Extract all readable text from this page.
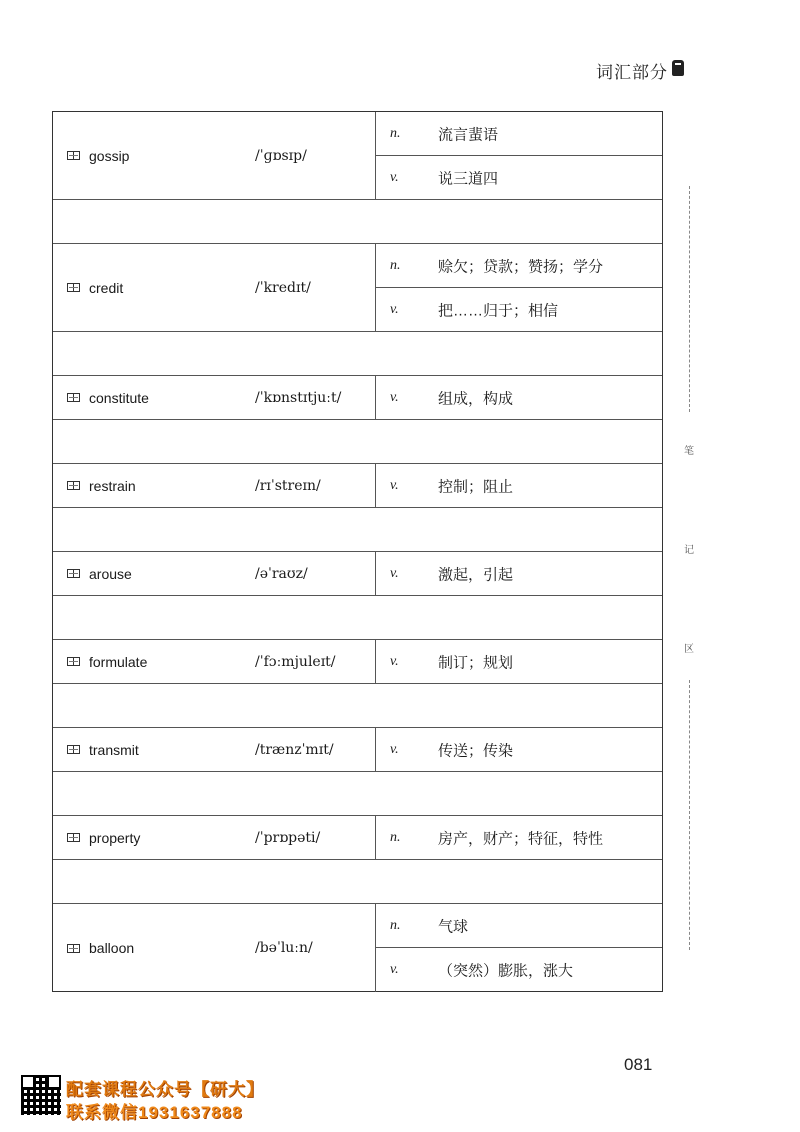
词汇部分
gossip	/ˈɡɒsɪp/
n.	流言蜚语
v.	说三道四
credit	/ˈkredɪt/
n.	赊欠；贷款；赞扬；学分
v.	把……归于；相信
constitute	/ˈkɒnstɪtjuːt/	v.	组成，构成
restrain	/rɪˈstreɪn/	v.	控制；阻止
arouse	/əˈraʊz/	v.	激起，引起
formulate	/ˈfɔːmjuleɪt/	v.	制订；规划
transmit	/trænzˈmɪt/	v.	传送；传染
property	/ˈprɒpəti/	n.	房产，财产；特征，特性
balloon	/bəˈluːn/
n.	气球
v.	（突然）膨胀，涨大
笔
记
区
081
配套课程公众号【研大】
联系微信1931637888
